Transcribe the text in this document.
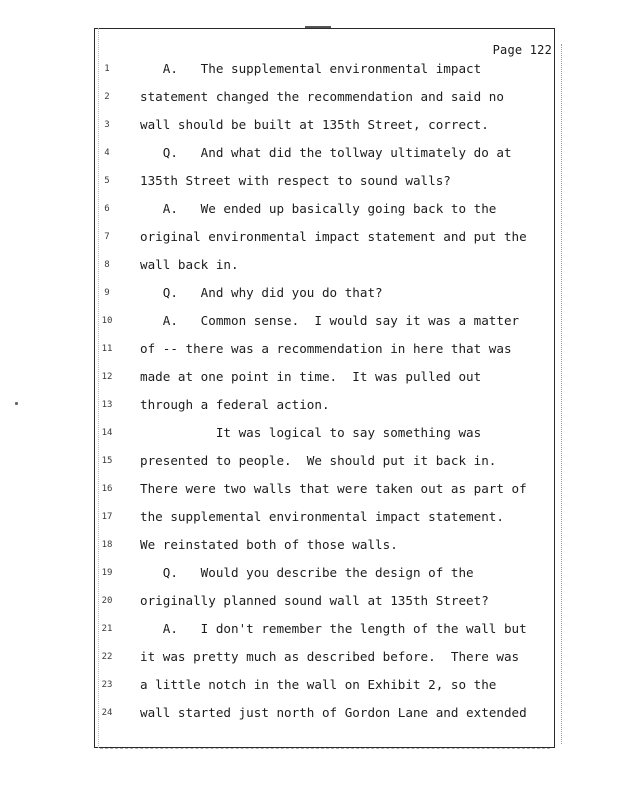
Page 122
1	A.   The supplemental environmental impact
2	statement changed the recommendation and said no
3	wall should be built at 135th Street, correct.
4	Q.   And what did the tollway ultimately do at
5	135th Street with respect to sound walls?
6	A.   We ended up basically going back to the
7	original environmental impact statement and put the
8	wall back in.
9	Q.   And why did you do that?
10	A.   Common sense.  I would say it was a matter
11	of -- there was a recommendation in here that was
12	made at one point in time.  It was pulled out
13	through a federal action.
14	It was logical to say something was
15	presented to people.  We should put it back in.
16	There were two walls that were taken out as part of
17	the supplemental environmental impact statement.
18	We reinstated both of those walls.
19	Q.   Would you describe the design of the
20	originally planned sound wall at 135th Street?
21	A.   I don't remember the length of the wall but
22	it was pretty much as described before.  There was
23	a little notch in the wall on Exhibit 2, so the
24	wall started just north of Gordon Lane and extended
